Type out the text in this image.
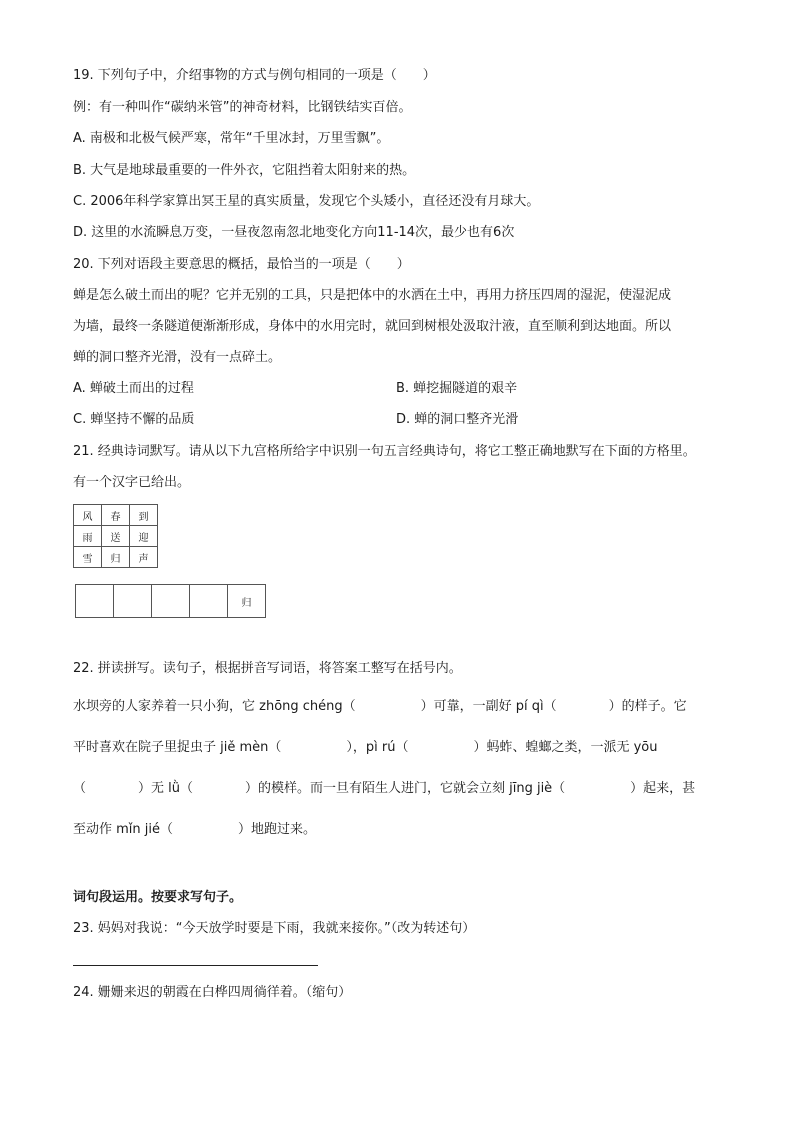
19. 下列句子中，介绍事物的方式与例句相同的一项是（　　）
例：有一种叫作“碳纳米管”的神奇材料，比钢铁结实百倍。
A. 南极和北极气候严寒，常年“千里冰封，万里雪飘”。
B. 大气是地球最重要的一件外衣，它阻挡着太阳射来的热。
C. 2006年科学家算出冥王星的真实质量，发现它个头矮小，直径还没有月球大。
D. 这里的水流瞬息万变，一昼夜忽南忽北地变化方向11-14次，最少也有6次
20. 下列对语段主要意思的概括，最恰当的一项是（　　）
蝉是怎么破土而出的呢？它并无别的工具，只是把体中的水洒在土中，再用力挤压四周的湿泥，使湿泥成
为墙，最终一条隧道便渐渐形成，身体中的水用完时，就回到树根处汲取汁液，直至顺利到达地面。所以
蝉的洞口整齐光滑，没有一点碎土。
A. 蝉破土而出的过程	B. 蝉挖掘隧道的艰辛
C. 蝉坚持不懈的品质	D. 蝉的洞口整齐光滑
21. 经典诗词默写。请从以下九宫格所给字中识别一句五言经典诗句，将它工整正确地默写在下面的方格里。
有一个汉字已给出。
风	春	到
雨	送	迎
雪	归	声
				归
22. 拼读拼写。读句子，根据拼音写词语，将答案工整写在括号内。
水坝旁的人家养着一只小狗，它 zhōng chéng（　　　　　）可靠，一副好 pí qì（　　　　）的样子。它
平时喜欢在院子里捉虫子 jiě mèn（　　　　　），pì rú（　　　　　）蚂蚱、蝗螂之类，一派无 yōu
（　　　　）无 lǜ（　　　　）的模样。而一旦有陌生人进门，它就会立刻 jīng jiè（　　　　　）起来，甚
至动作 mǐn jié（　　　　　）地跑过来。
词句段运用。按要求写句子。
23. 妈妈对我说：“今天放学时要是下雨，我就来接你。”（改为转述句）
24. 姗姗来迟的朝霞在白桦四周徜徉着。（缩句）
